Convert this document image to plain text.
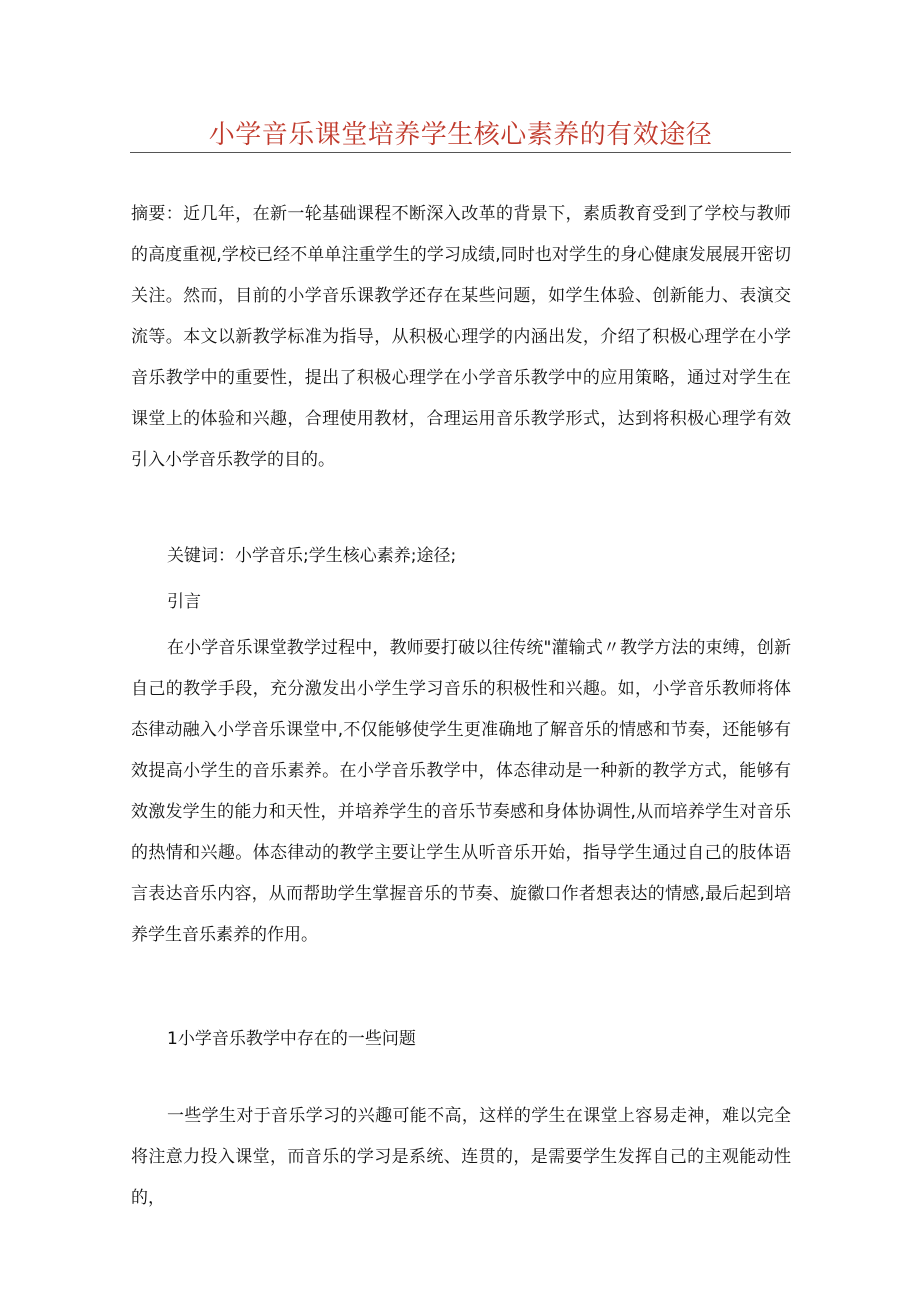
小学音乐课堂培养学生核心素养的有效途径

摘要：近几年，在新一轮基础课程不断深入改革的背景下，素质教育受到了学校与教师的高度重视,学校已经不单单注重学生的学习成绩,同时也对学生的身心健康发展展开密切关注。然而，目前的小学音乐课教学还存在某些问题，如学生体验、创新能力、表演交流等。本文以新教学标准为指导，从积极心理学的内涵出发，介绍了积极心理学在小学音乐教学中的重要性，提出了积极心理学在小学音乐教学中的应用策略，通过对学生在课堂上的体验和兴趣，合理使用教材，合理运用音乐教学形式，达到将积极心理学有效引入小学音乐教学的目的。

关键词：小学音乐;学生核心素养;途径;

引言

在小学音乐课堂教学过程中，教师要打破以往传统"灌输式〃教学方法的束缚，创新自己的教学手段，充分激发出小学生学习音乐的积极性和兴趣。如，小学音乐教师将体态律动融入小学音乐课堂中,不仅能够使学生更准确地了解音乐的情感和节奏，还能够有效提高小学生的音乐素养。在小学音乐教学中，体态律动是一种新的教学方式，能够有效激发学生的能力和天性，并培养学生的音乐节奏感和身体协调性,从而培养学生对音乐的热情和兴趣。体态律动的教学主要让学生从听音乐开始，指导学生通过自己的肢体语言表达音乐内容，从而帮助学生掌握音乐的节奏、旋徽口作者想表达的情感,最后起到培养学生音乐素养的作用。

1小学音乐教学中存在的一些问题

一些学生对于音乐学习的兴趣可能不高，这样的学生在课堂上容易走神，难以完全将注意力投入课堂，而音乐的学习是系统、连贯的，是需要学生发挥自己的主观能动性的，
